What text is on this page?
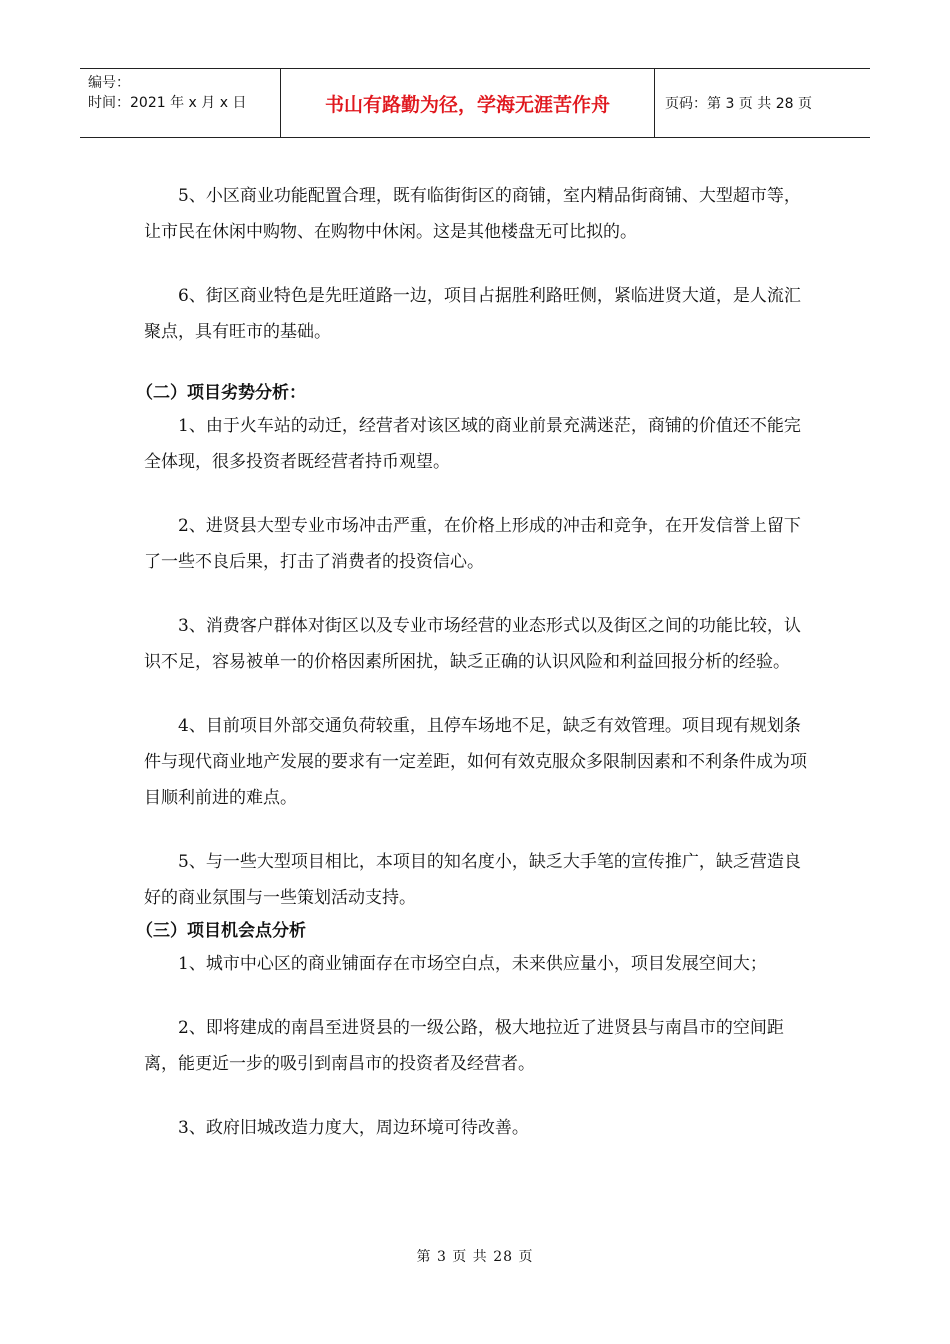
编号：
时间：2021 年 x 月 x 日	书山有路勤为径，学海无涯苦作舟	页码：第 3 页 共 28 页

5、小区商业功能配置合理，既有临街街区的商铺，室内精品街商铺、大型超市等，让市民在休闲中购物、在购物中休闲。这是其他楼盘无可比拟的。

6、街区商业特色是先旺道路一边，项目占据胜利路旺侧，紧临进贤大道，是人流汇聚点，具有旺市的基础。

（二）项目劣势分析：

1、由于火车站的动迁，经营者对该区域的商业前景充满迷茫，商铺的价值还不能完全体现，很多投资者既经营者持币观望。

2、进贤县大型专业市场冲击严重，在价格上形成的冲击和竞争，在开发信誉上留下了一些不良后果，打击了消费者的投资信心。

3、消费客户群体对街区以及专业市场经营的业态形式以及街区之间的功能比较，认识不足，容易被单一的价格因素所困扰，缺乏正确的认识风险和利益回报分析的经验。

4、目前项目外部交通负荷较重，且停车场地不足，缺乏有效管理。项目现有规划条件与现代商业地产发展的要求有一定差距，如何有效克服众多限制因素和不利条件成为项目顺利前进的难点。

5、与一些大型项目相比，本项目的知名度小，缺乏大手笔的宣传推广，缺乏营造良好的商业氛围与一些策划活动支持。

（三）项目机会点分析

1、城市中心区的商业铺面存在市场空白点，未来供应量小，项目发展空间大；

2、即将建成的南昌至进贤县的一级公路，极大地拉近了进贤县与南昌市的空间距离，能更近一步的吸引到南昌市的投资者及经营者。

3、政府旧城改造力度大，周边环境可待改善。

第 3 页 共 28 页
